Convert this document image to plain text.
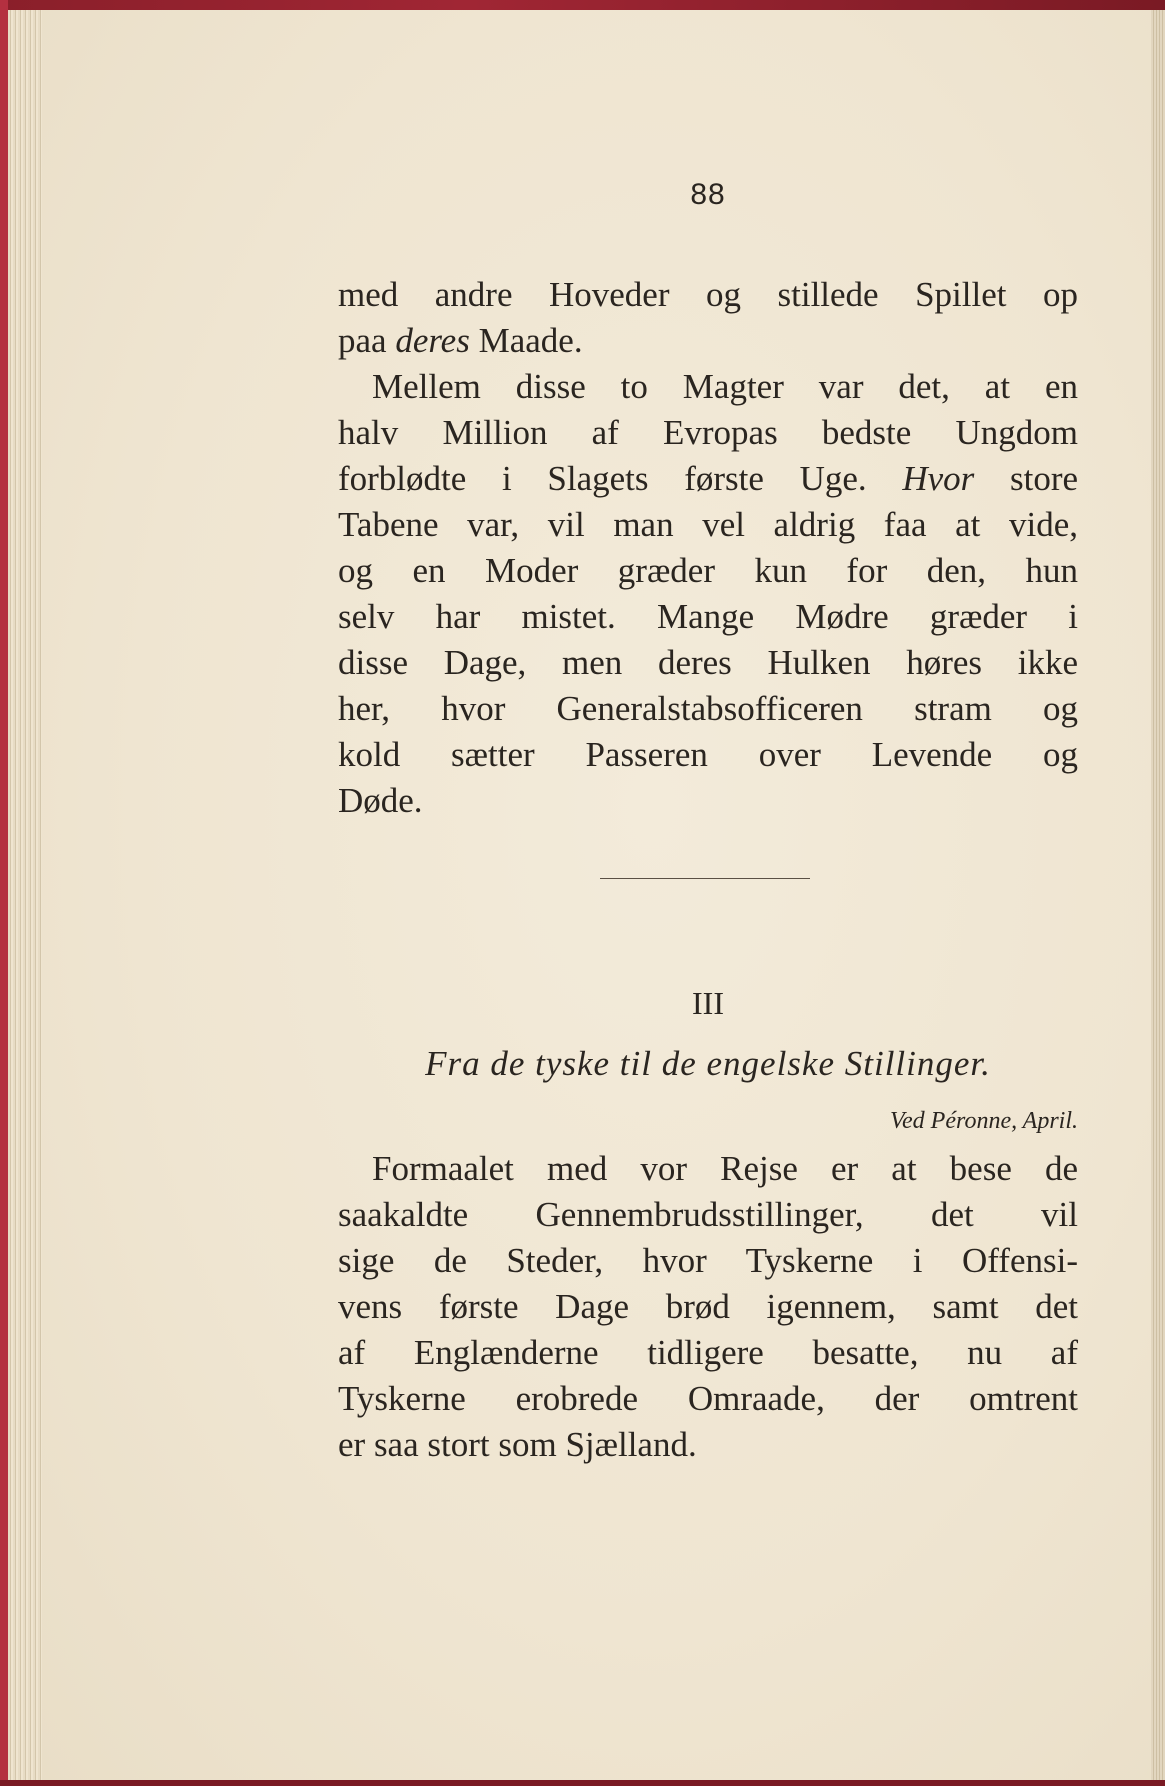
88
med andre Hoveder og stillede Spillet op
paa deres Maade.
Mellem disse to Magter var det, at en
halv Million af Evropas bedste Ungdom
forblødte i Slagets første Uge. Hvor store
Tabene var, vil man vel aldrig faa at vide,
og en Moder græder kun for den, hun
selv har mistet. Mange Mødre græder i
disse Dage, men deres Hulken høres ikke
her, hvor Generalstabsofficeren stram og
kold sætter Passeren over Levende og
Døde.
III
Fra de tyske til de engelske Stillinger.
Ved Péronne, April.
Formaalet med vor Rejse er at bese de
saakaldte Gennembrudsstillinger, det vil
sige de Steder, hvor Tyskerne i Offensi-
vens første Dage brød igennem, samt det
af Englænderne tidligere besatte, nu af
Tyskerne erobrede Omraade, der omtrent
er saa stort som Sjælland.
